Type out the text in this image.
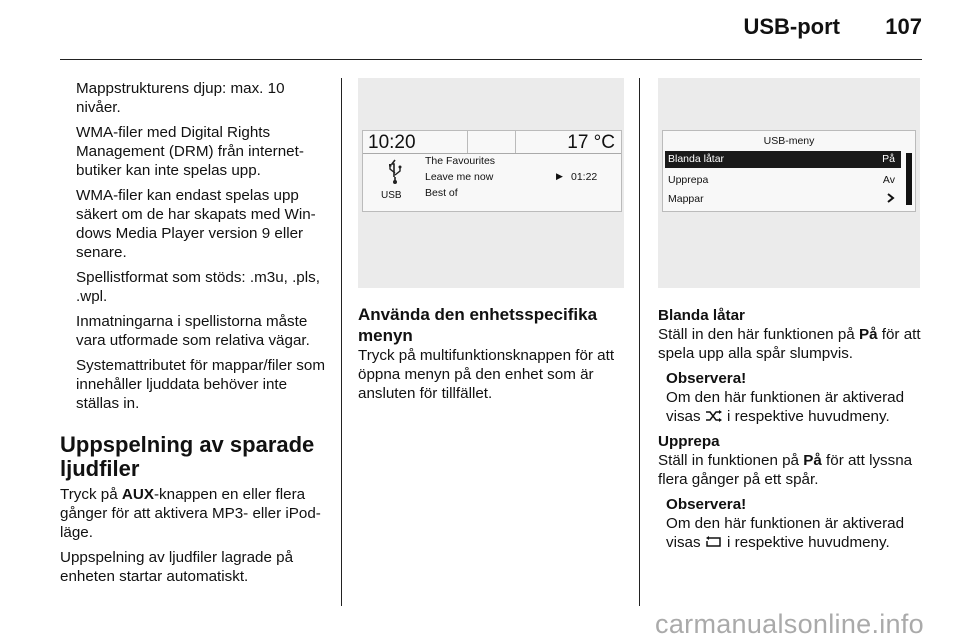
USB-port 107

Mappstrukturens djup: max. 10 nivåer.

WMA-filer med Digital Rights Management (DRM) från internet-butiker kan inte spelas upp.

WMA-filer kan endast spelas upp säkert om de har skapats med Win-dows Media Player version 9 eller senare.

Spellistformat som stöds: .m3u, .pls, .wpl.

Inmatningarna i spellistorna måste vara utformade som relativa vägar.

Systemattributet för mappar/filer som innehåller ljuddata behöver inte ställas in.

Uppspelning av sparade ljudfiler

Tryck på AUX-knappen en eller flera gånger för att aktivera MP3- eller iPod-läge.

Uppspelning av ljudfiler lagrade på enheten startar automatiskt.

10:20	17 °C
USB
The Favourites
Leave me now
Best of
▶ 01:22
Använda den enhetsspecifika menyn

Tryck på multifunktionsknappen för att öppna menyn på den enhet som är ansluten för tillfället.

USB-meny
Blanda låtar	På
Upprepa	Av
Mappar

Blanda låtar

Ställ in den här funktionen på På för att spela upp alla spår slumpvis.

Observera!
Om den här funktionen är aktiverad visas  i respektive huvudmeny.

Upprepa

Ställ in funktionen på På för att lyssna flera gånger på ett spår.

Observera!
Om den här funktionen är aktiverad visas  i respektive huvudmeny.
carmanualsonline.info
